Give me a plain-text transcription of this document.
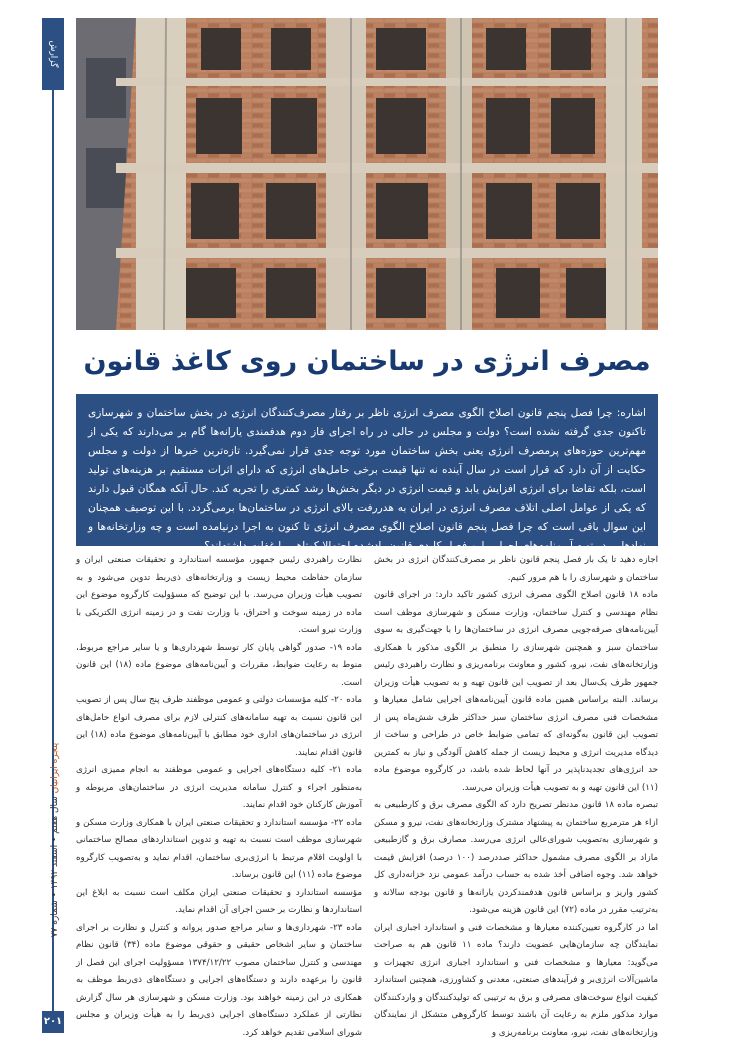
گزارش
پنجره ایرانیان سال هفتم • اسفند ۱۳۹۲ • شماره ۷۷
۲۰۱
مصرف انرژی در ساختمان روی کاغذ قانون
اشاره: چرا فصل پنجم قانون اصلاح الگوی مصرف انرژی ناظر بر رفتار مصرف‌کنندگان انرژی در بخش ساختمان و شهرسازی تاکنون جدی گرفته نشده است؟ دولت و مجلس در حالی در راه اجرای فاز دوم هدفمندی یارانه‌ها گام بر می‌دارند که یکی از مهم‌ترین حوزه‌های پرمصرف انرژی یعنی بخش ساختمان مورد توجه جدی قرار نمی‌گیرد. تازه‌ترین خبرها از دولت و مجلس حکایت از آن دارد که قرار است در سال آینده نه تنها قیمت برخی حامل‌های انرژی که دارای اثرات مستقیم بر هزینه‌های تولید است، بلکه تقاضا برای انرژی افزایش یابد و قیمت انرژی در دیگر بخش‌ها رشد کمتری را تجربه کند. حال آنکه همگان قبول دارند که یکی از عوامل اصلی اتلاف مصرف انرژی در ایران به هدررفت بالای انرژی در ساختمان‌ها برمی‌گردد. با این توصیف همچنان این سوال باقی است که چرا فصل پنجم قانون اصلاح الگوی مصرف انرژی تا کنون به اجرا درنیامده است و چه وزارتخانه‌ها و نهادهایی در تهیه آیین‌نامه‌های اجرایی این فصل کلیدی قانون یادشده احتمالا کوتاهی یا غفلت داشته‌اند؟

اجازه دهید تا یک بار فصل پنجم قانون ناظر بر مصرف‌کنندگان انرژی در بخش ساختمان و شهرسازی را با هم مرور کنیم.

ماده ۱۸ قانون اصلاح الگوی مصرف انرژی کشور تاکید دارد: در اجرای قانون نظام مهندسی و کنترل ساختمان، وزارت مسکن و شهرسازی موظف است آیین‌نامه‌های صرفه‌جویی مصرف انرژی در ساختمان‌ها را با جهت‌گیری به سوی ساختمان سبز و همچنین شهرسازی را منطبق بر الگوی مذکور با همکاری وزارتخانه‌های نفت، نیرو، کشور و معاونت برنامه‌ریزی و نظارت راهبردی رئیس جمهور ظرف یک‌سال بعد از تصویب این قانون تهیه و به تصویب هیأت وزیران برساند. البته براساس همین ماده قانون آیین‌نامه‌های اجرایی شامل معیارها و مشخصات فنی مصرف انرژی ساختمان سبز حداکثر ظرف شش‌ماه پس از تصویب این قانون به‌گونه‌ای که تمامی ضوابط خاص در طراحی و ساخت از دیدگاه مدیریت انرژی و محیط زیست از جمله کاهش آلودگی و نیاز به کمترین حد انرژی‌های تجدیدناپذیر در آنها لحاظ شده باشد، در کارگروه موضوع ماده (۱۱) این قانون تهیه و به تصویب هیأت وزیران می‌رسد.

تبصره ماده ۱۸ قانون مدنظر تصریح دارد که الگوی مصرف برق و کارطبیعی به ازاء هر مترمربع ساختمان به پیشنهاد مشترک وزارتخانه‌های نفت، نیرو و مسکن و شهرسازی به‌تصویب شورای‌عالی انرژی می‌رسد. مصارف برق و گازطبیعی مازاد بر الگوی مصرف مشمول حداکثر صددرصد (۱۰۰ درصد) افزایش قیمت خواهد شد. وجوه اضافی أخذ شده به حساب درآمد عمومی نزد خزانه‌داری کل کشور واریز و براساس قانون هدفمندکردن یارانه‌ها و قانون بودجه سالانه و به‌ترتیب مقرر در ماده (۷۲) این قانون هزینه می‌شود.

اما در کارگروه تعیین‌کننده معیارها و مشخصات فنی و استاندارد اجباری ایران نمایندگان چه سازمان‌هایی عضویت دارند؟ ماده ۱۱ قانون هم به صراحت می‌گوید: معیارها و مشخصات فنی و استاندارد اجباری انرژی تجهیزات و ماشین‌آلات انرژی‌بر و فرآیندهای صنعتی، معدنی و کشاورزی، همچنین استاندارد کیفیت انواع سوخت‌های مصرفی و برق به ترتیبی که تولیدکنندگان و واردکنندگان موارد مذکور ملزم به رعایت آن باشند توسط کارگروهی متشکل از نمایندگان وزارتخانه‌های نفت، نیرو، معاونت برنامه‌ریزی و

نظارت راهبردی رئیس جمهور، مؤسسه استاندارد و تحقیقات صنعتی ایران و سازمان حفاظت محیط زیست و وزارتخانه‌های ذی‌ربط تدوین می‌شود و به تصویب هیأت وزیران می‌رسد. با این توضیح که مسؤولیت کارگروه موضوع این ماده در زمینه سوخت و احتراق، با وزارت نفت و در زمینه انرژی الکتریکی با وزارت نیرو است.

ماده ۱۹- صدور گواهی پایان کار توسط شهرداری‌ها و یا سایر مراجع مربوط، منوط به رعایت ضوابط، مقررات و آیین‌نامه‌های موضوع ماده (۱۸) این قانون است.

ماده ۲۰- کلیه مؤسسات دولتی و عمومی موظفند ظرف پنج سال پس از تصویب این قانون نسبت به تهیه سامانه‌های کنترلی لازم برای مصرف انواع حامل‌های انرژی در ساختمان‌های اداری خود مطابق با آیین‌نامه‌های موضوع ماده (۱۸) این قانون اقدام نمایند.

ماده ۲۱- کلیه دستگاه‌های اجرایی و عمومی موظفند به انجام ممیزی انرژی به‌منظور اجراء و کنترل سامانه مدیریت انرژی در ساختمان‌های مربوطه و آموزش کارکنان خود اقدام نمایند.

ماده ۲۲- مؤسسه استاندارد و تحقیقات صنعتی ایران با همکاری وزارت مسکن و شهرسازی موظف است نسبت به تهیه و تدوین استانداردهای مصالح ساختمانی با اولویت اقلام مرتبط با انرژی‌بری ساختمان، اقدام نماید و به‌تصویب کارگروه موضوع ماده (۱۱) این قانون برساند.

مؤسسه استاندارد و تحقیقات صنعتی ایران مکلف است نسبت به ابلاغ این استانداردها و نظارت بر حسن اجرای آن اقدام نماید.

ماده ۲۳- شهرداری‌ها و سایر مراجع صدور پروانه و کنترل و نظارت بر اجرای ساختمان و سایر اشخاص حقیقی و حقوقی موضوع ماده (۳۴) قانون نظام مهندسی و کنترل ساختمان مصوب ۱۳۷۴/۱۲/۲۲ مسؤولیت اجرای این فصل از قانون را برعهده دارند و دستگاه‌های اجرایی و دستگاه‌های ذی‌ربط موظف به همکاری در این زمینه خواهند بود. وزارت مسکن و شهرسازی هر سال گزارش نظارتی از عملکرد دستگاه‌های اجرایی ذی‌ربط را به هیأت وزیران و مجلس شورای اسلامی تقدیم خواهد کرد.
